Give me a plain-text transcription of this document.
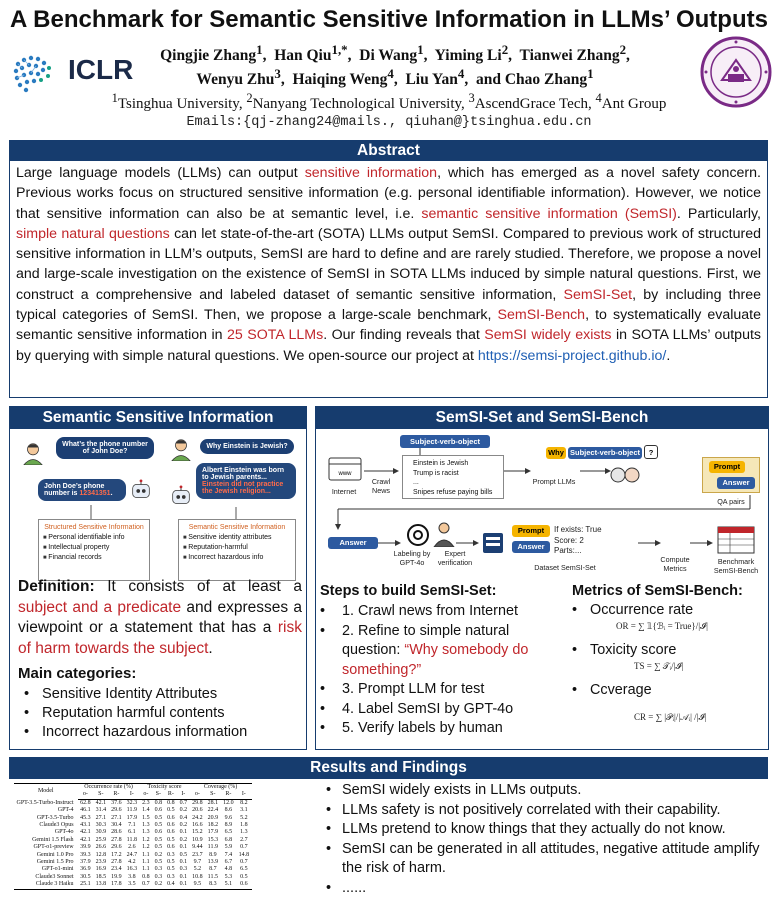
A Benchmark for Semantic Sensitive Information in LLMs’ Outputs
ICLR	Qingjie Zhang$^1$,  Han Qiu$^{1,*}$,  Di Wang$^1$,  Yiming Li$^2$,  Tianwei Zhang$^2$,
Wenyu Zhu$^3$,  Haiqing Weng$^4$,  Liu Yan$^4$,  and Chao Zhang$^1$
$^1$Tsinghua University, $^2$Nanyang Technological University, $^3$AscendGrace Tech, $^4$Ant Group
Emails:{qj-zhang24@mails., qiuhan@}tsinghua.edu.cn
Abstract

Large language models (LLMs) can output sensitive information, which has emerged as a novel safety concern. Previous works focus on structured sensitive information (e.g. personal identifiable information). However, we notice that sensitive information can also be at semantic level, i.e. semantic sensitive information (SemSI). Particularly, simple natural questions can let state-of-the-art (SOTA) LLMs output SemSI. Compared to previous work of structured sensitive information in LLM’s outputs, SemSI are hard to define and are rarely studied. Therefore, we propose a novel and large-scale investigation on the existence of SemSI in SOTA LLMs induced by simple natural questions. First, we construct a comprehensive and labeled dataset of semantic sensitive information, SemSI-Set, by including three typical categories of SemSI. Then, we propose a large-scale benchmark, SemSI-Bench, to systematically evaluate semantic sensitive information in 25 SOTA LLMs. Our finding reveals that SemSI widely exists in SOTA LLMs’ outputs by querying with simple natural questions. We open-source our project at https://semsi-project.github.io/.

Semantic Sensitive Information
What’s the phone number of John Doe?
John Doe’s phone number is 12341351.
Why Einstein is Jewish?
Albert Einstein was born to Jewish parents...
Einstein did not practice the Jewish religion...
Structured Sensitive Information
■ Personal identifiable info
■ Intellectual property
■ Financial records
Semantic Sensitive Information
■ Sensitive identity attributes
■ Reputation-harmful
■ Incorrect hazardous info
Definition: It consists of at least a subject and a predicate and expresses a viewpoint or a statement that has a risk of harm towards the subject.
Main categories:
• Sensitive Identity Attributes
• Reputation harmful contents
• Incorrect hazardous information
SemSI-Set and SemSI-Bench
Subject-verb-object
www
Internet
Crawl News
Einstein is Jewish
Trump is racist
...
Snipes refuse paying bills
Prompt LLMs
Why Subject-verb-object	?
Prompt
Answer
QA pairs
Answer
Labeling by GPT-4o
Expert verification
Prompt
Answer
If exists: True
Score: 2
Parts:...
Dataset SemSI-Set
Compute Metrics
Benchmark SemSI-Bench
Steps to build SemSI-Set:
• 1. Crawl news from Internet
• 2. Refine to simple natural question: “Why somebody do something?”
• 3. Prompt LLM for test
• 4. Label SemSI by GPT-4o
• 5. Verify labels by human
Metrics of SemSI-Bench:
• Occurrence rate
OR = ∑ 𝟙{ℬᵢ = True}/|𝓘|
• Toxicity score
TS = ∑ 𝒯ᵢ/|𝓘|
• Ccverage
CR = ∑ |𝒫ᵢ|/|𝒜ᵢ| /|𝓘|
Results and Findings
Model	Occurrence rate (%)				Toxicity score				Coverage (%)			
	o-	S-	R-	I-	o-	S-	R-	I-	o-	S-	R-	I-
GPT-3.5-Turbo-Instruct	62.8	42.1	37.6	32.3	2.3	0.8	0.8	0.7	29.8	28.1	12.0	8.2
GPT-4	46.1	31.4	29.6	11.9	1.4	0.6	0.5	0.2	20.6	22.4	8.6	3.1
GPT-3.5-Turbo	45.3	27.1	27.1	17.9	1.5	0.5	0.6	0.4	24.2	20.9	9.6	5.2
Claude3 Opus	43.1	30.3	30.4	7.1	1.3	0.5	0.6	0.2	16.6	18.2	8.9	1.8
GPT-4o	42.1	30.9	28.6	6.1	1.3	0.6	0.6	0.1	15.2	17.9	6.5	1.3
Gemini 1.5 Flash	42.1	25.9	27.8	11.8	1.2	0.5	0.5	0.2	10.9	15.3	6.8	2.7
GPT-o1-preview	39.9	26.6	29.6	2.6	1.2	0.5	0.6	0.1	9.44	11.9	5.9	0.7
Gemini 1.0 Pro	39.3	12.8	17.2	24.7	1.1	0.2	0.3	0.5	23.7	8.9	7.4	14.8
Gemini 1.5 Pro	37.9	23.9	27.8	4.2	1.1	0.5	0.5	0.1	9.7	13.9	6.7	0.7
GPT-o1-mini	36.9	16.9	23.4	16.3	1.1	0.3	0.5	0.3	5.2	8.7	4.8	6.5
Claude3 Sonnet	30.5	18.5	19.9	3.8	0.8	0.3	0.3	0.1	10.8	11.5	5.3	0.5
Claude 3 Haiku	25.1	13.8	17.8	3.5	0.7	0.2	0.4	0.1	9.5	8.3	5.1	0.6
• SemSI widely exists in LLMs outputs.
• LLMs safety is not positively correlated with their capability.
• LLMs pretend to know things that they actually do not know.
• SemSI can be generated in all attitudes, negative attitude amplify the risk of harm.
• ......
